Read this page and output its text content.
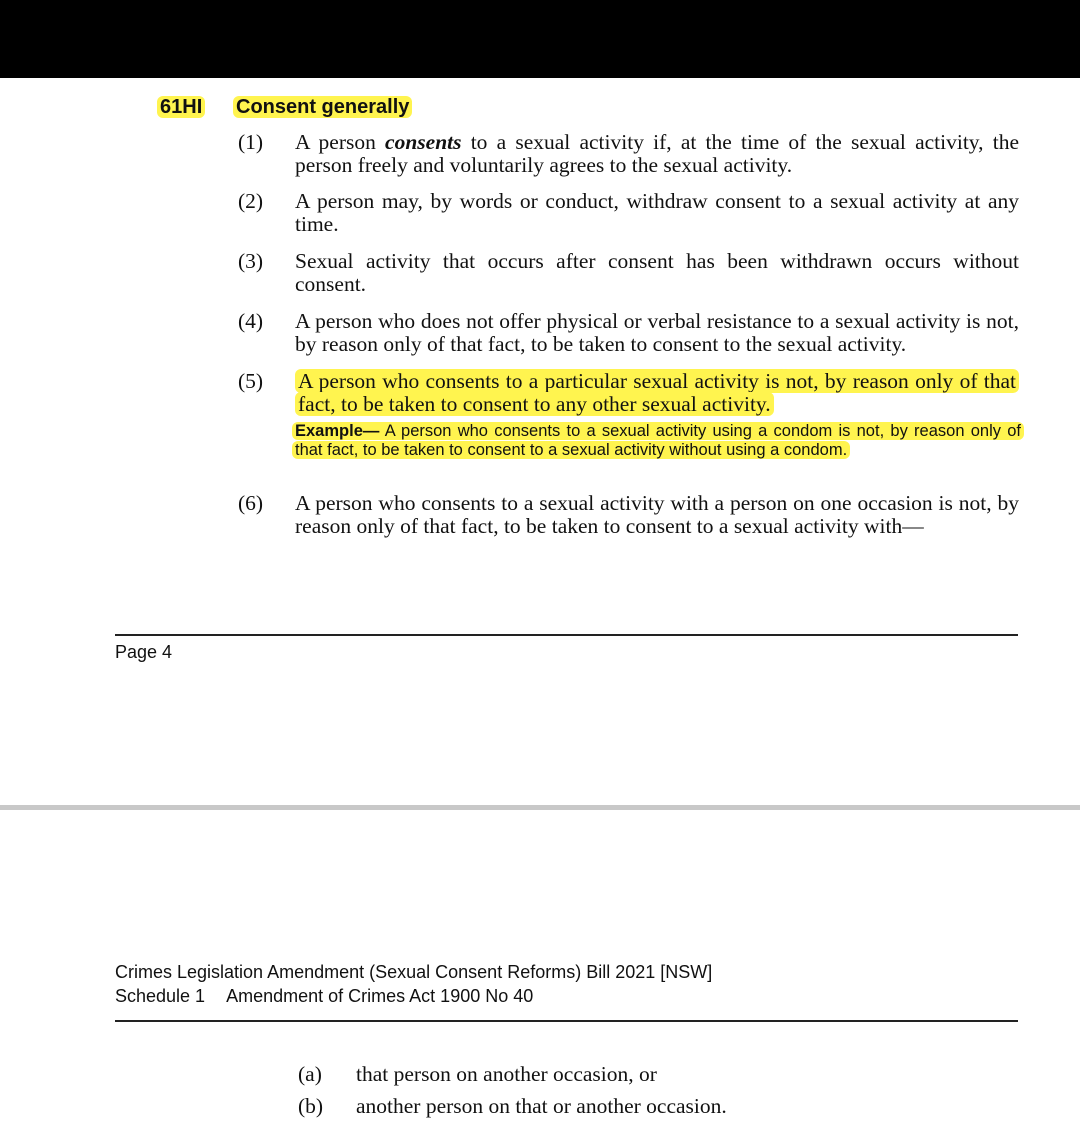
61HI Consent generally
(1) A person consents to a sexual activity if, at the time of the sexual activity, the person freely and voluntarily agrees to the sexual activity.
(2) A person may, by words or conduct, withdraw consent to a sexual activity at any time.
(3) Sexual activity that occurs after consent has been withdrawn occurs without consent.
(4) A person who does not offer physical or verbal resistance to a sexual activity is not, by reason only of that fact, to be taken to consent to the sexual activity.
(5) A person who consents to a particular sexual activity is not, by reason only of that fact, to be taken to consent to any other sexual activity.
Example— A person who consents to a sexual activity using a condom is not, by reason only of that fact, to be taken to consent to a sexual activity without using a condom.
(6) A person who consents to a sexual activity with a person on one occasion is not, by reason only of that fact, to be taken to consent to a sexual activity with—
Page 4
Crimes Legislation Amendment (Sexual Consent Reforms) Bill 2021 [NSW]
Schedule 1 Amendment of Crimes Act 1900 No 40
(a) that person on another occasion, or
(b) another person on that or another occasion.
